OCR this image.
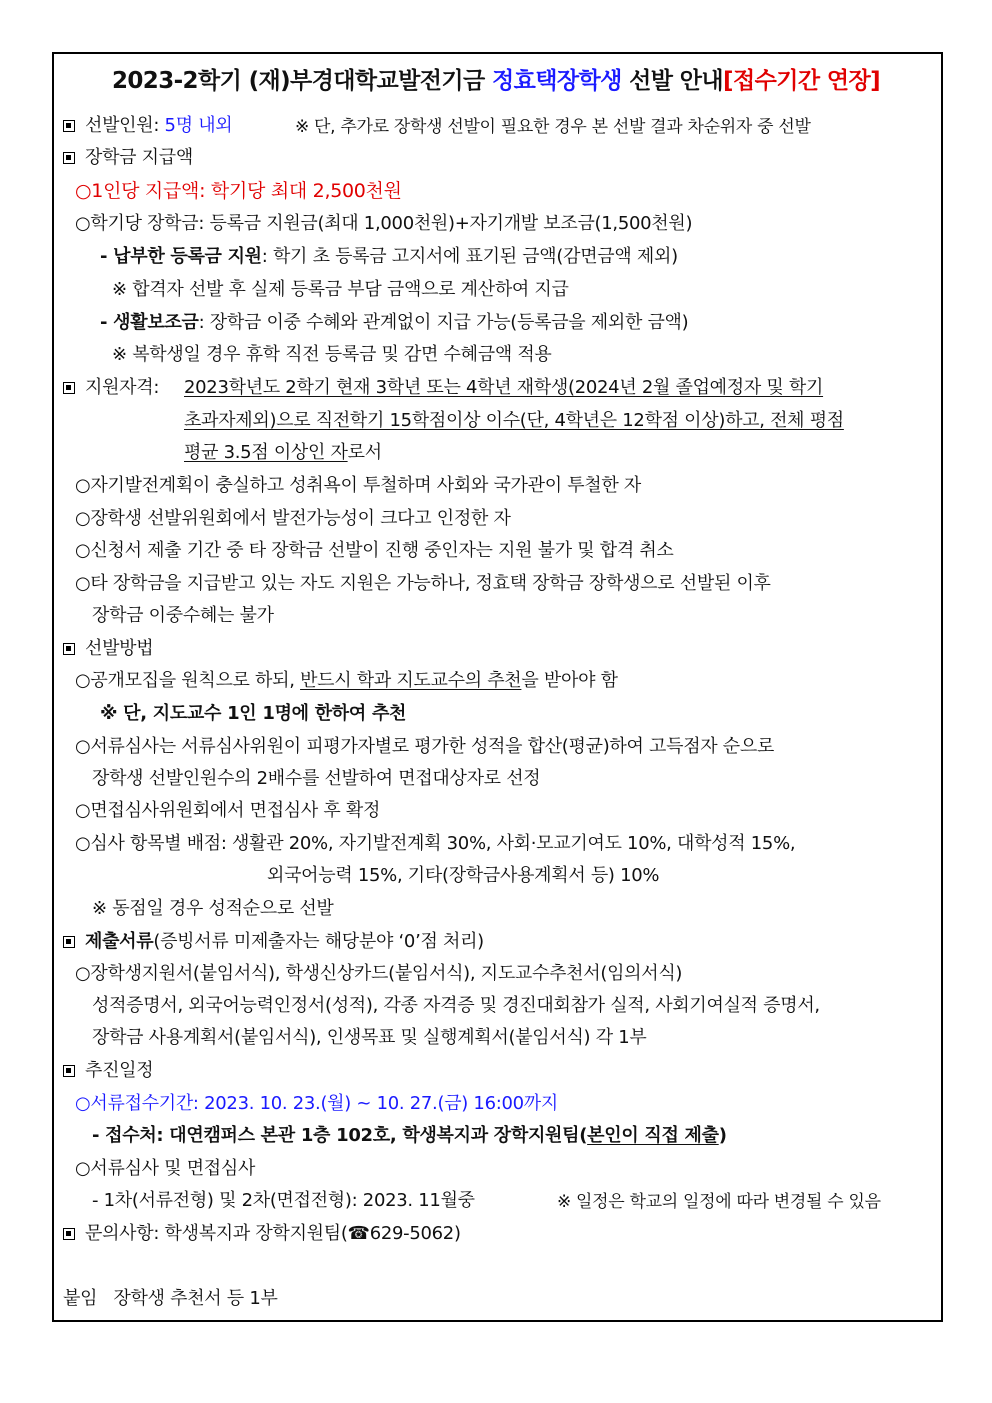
2023-2학기 (재)부경대학교발전기금 정효택장학생 선발 안내[접수기간 연장]
선발인원: 5명 내외	※ 단, 추가로 장학생 선발이 필요한 경우 본 선발 결과 차순위자 중 선발
장학금 지급액
○1인당 지급액: 학기당 최대 2,500천원
○학기당 장학금: 등록금 지원금(최대 1,000천원)+자기개발 보조금(1,500천원)
- 납부한 등록금 지원: 학기 초 등록금 고지서에 표기된 금액(감면금액 제외)
※ 합격자 선발 후 실제 등록금 부담 금액으로 계산하여 지급
- 생활보조금: 장학금 이중 수혜와 관계없이 지급 가능(등록금을 제외한 금액)
※ 복학생일 경우 휴학 직전 등록금 및 감면 수혜금액 적용
지원자격: 2023학년도 2학기 현재 3학년 또는 4학년 재학생(2024년 2월 졸업예정자 및 학기
초과자제외)으로 직전학기 15학점이상 이수(단, 4학년은 12학점 이상)하고, 전체 평점
평균 3.5점 이상인 자로서
○자기발전계획이 충실하고 성취욕이 투철하며 사회와 국가관이 투철한 자
○장학생 선발위원회에서 발전가능성이 크다고 인정한 자
○신청서 제출 기간 중 타 장학금 선발이 진행 중인자는 지원 불가 및 합격 취소
○타 장학금을 지급받고 있는 자도 지원은 가능하나, 정효택 장학금 장학생으로 선발된 이후
장학금 이중수혜는 불가
선발방법
○공개모집을 원칙으로 하되, 반드시 학과 지도교수의 추천을 받아야 함
※ 단, 지도교수 1인 1명에 한하여 추천
○서류심사는 서류심사위원이 피평가자별로 평가한 성적을 합산(평균)하여 고득점자 순으로
장학생 선발인원수의 2배수를 선발하여 면접대상자로 선정
○면접심사위원회에서 면접심사 후 확정
○심사 항목별 배점: 생활관 20%, 자기발전계획 30%, 사회·모교기여도 10%, 대학성적 15%,
외국어능력 15%, 기타(장학금사용계획서 등) 10%
※ 동점일 경우 성적순으로 선발
제출서류(증빙서류 미제출자는 해당분야 ‘0’점 처리)
○장학생지원서(붙임서식), 학생신상카드(붙임서식), 지도교수추천서(임의서식)
성적증명서, 외국어능력인정서(성적), 각종 자격증 및 경진대회참가 실적, 사회기여실적 증명서,
장학금 사용계획서(붙임서식), 인생목표 및 실행계획서(붙임서식) 각 1부
추진일정
○서류접수기간: 2023. 10. 23.(월) ~ 10. 27.(금) 16:00까지
- 접수처: 대연캠퍼스 본관 1층 102호, 학생복지과 장학지원팀(본인이 직접 제출)
○서류심사 및 면접심사
- 1차(서류전형) 및 2차(면접전형): 2023. 11월중	※ 일정은 학교의 일정에 따라 변경될 수 있음
문의사항: 학생복지과 장학지원팀(☎629-5062)
붙임   장학생 추천서 등 1부
